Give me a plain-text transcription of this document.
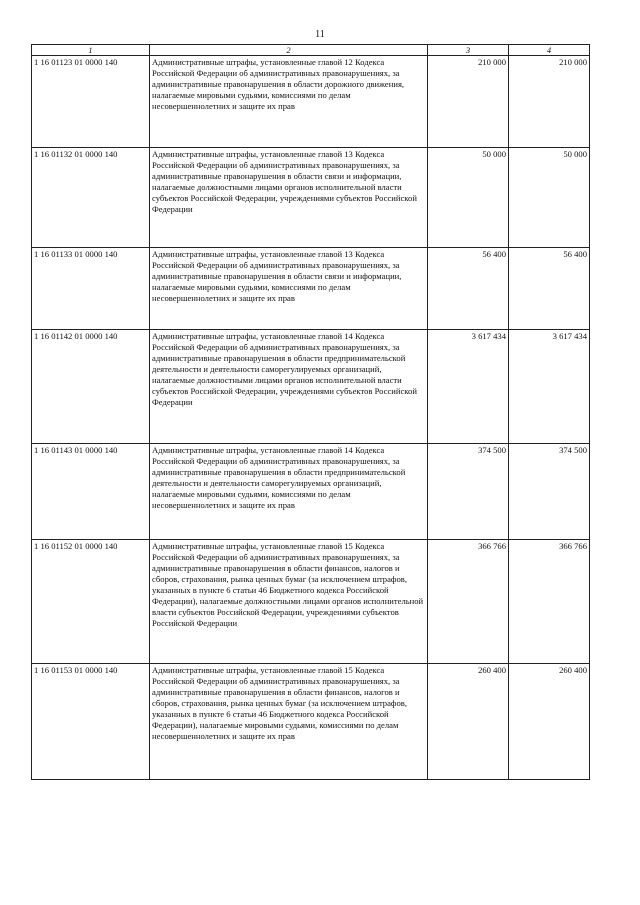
11
1	2	3	4
1 16 01123 01 0000 140	Административные штрафы, установленные главой 12 Кодекса Российской Федерации об административных правонарушениях, за административные правонарушения в области дорожного движения, налагаемые мировыми судьями, комиссиями по делам несовершеннолетних и защите их прав	210 000	210 000
1 16 01132 01 0000 140	Административные штрафы, установленные главой 13 Кодекса Российской Федерации об административных правонарушениях, за административные правонарушения в области связи и информации, налагаемые должностными лицами органов исполнительной власти субъектов Российской Федерации, учреждениями субъектов Российской Федерации	50 000	50 000
1 16 01133 01 0000 140	Административные штрафы, установленные главой 13 Кодекса Российской Федерации об административных правонарушениях, за административные правонарушения в области связи и информации, налагаемые мировыми судьями, комиссиями по делам несовершеннолетних и защите их прав	56 400	56 400
1 16 01142 01 0000 140	Административные штрафы, установленные главой 14 Кодекса Российской Федерации об административных правонарушениях, за административные правонарушения в области предпринимательской деятельности и деятельности саморегулируемых организаций, налагаемые должностными лицами органов исполнительной власти субъектов Российской Федерации, учреждениями субъектов Российской Федерации	3 617 434	3 617 434
1 16 01143 01 0000 140	Административные штрафы, установленные главой 14 Кодекса Российской Федерации об административных правонарушениях, за административные правонарушения в области предпринимательской деятельности и деятельности саморегулируемых организаций, налагаемые мировыми судьями, комиссиями по делам несовершеннолетних и защите их прав	374 500	374 500
1 16 01152 01 0000 140	Административные штрафы, установленные главой 15 Кодекса Российской Федерации об административных правонарушениях, за административные правонарушения в области финансов, налогов и сборов, страхования, рынка ценных бумаг (за исключением штрафов, указанных в пункте 6 статьи 46 Бюджетного кодекса Российской Федерации), налагаемые должностными лицами органов исполнительной власти субъектов Российской Федерации, учреждениями субъектов Российской Федерации	366 766	366 766
1 16 01153 01 0000 140	Административные штрафы, установленные главой 15 Кодекса Российской Федерации об административных правонарушениях, за административные правонарушения в области финансов, налогов и сборов, страхования, рынка ценных бумаг (за исключением штрафов, указанных в пункте 6 статьи 46 Бюджетного кодекса Российской Федерации), налагаемые мировыми судьями, комиссиями по делам несовершеннолетних и защите их прав	260 400	260 400
